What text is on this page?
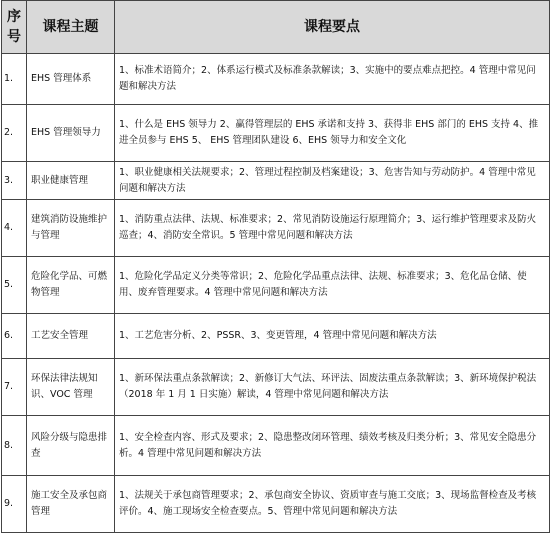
序号	课程主题	课程要点
1.	EHS 管理体系	1、标准术语简介；2、体系运行模式及标准条款解读；3、实施中的要点难点把控。4 管理中常见问题和解决方法
2.	EHS 管理领导力	1、什么是 EHS 领导力 2、赢得管理层的 EHS 承诺和支持 3、获得非 EHS 部门的 EHS 支持 4、推进全员参与 EHS 5、 EHS 管理团队建设 6、EHS 领导力和安全文化
3.	职业健康管理	1、职业健康相关法规要求；2、管理过程控制及档案建设；3、危害告知与劳动防护。4 管理中常见问题和解决方法
4.	建筑消防设施维护与管理	1、消防重点法律、法规、标准要求；2、常见消防设施运行原理简介；3、运行维护管理要求及防火巡查；4、消防安全常识。5 管理中常见问题和解决方法
5.	危险化学品、可燃物管理	1、危险化学品定义分类等常识；2、危险化学品重点法律、法规、标准要求；3、危化品仓储、使用、废弃管理要求。4 管理中常见问题和解决方法
6.	工艺安全管理	1、工艺危害分析、2、PSSR、3、变更管理，4 管理中常见问题和解决方法
7.	环保法律法规知识、VOC 管理	1、新环保法重点条款解读；2、新修订大气法、环评法、固废法重点条款解读；3、新环境保护税法（2018 年 1 月 1 日实施）解读，4 管理中常见问题和解决方法
8.	风险分级与隐患排查	1、安全检查内容、形式及要求；2、隐患整改闭环管理、绩效考核及归类分析；3、常见安全隐患分析。4 管理中常见问题和解决方法
9.	施工安全及承包商管理	1、法规关于承包商管理要求；2、承包商安全协议、资质审查与施工交底；3、现场监督检查及考核评价。4、施工现场安全检查要点。5、管理中常见问题和解决方法
